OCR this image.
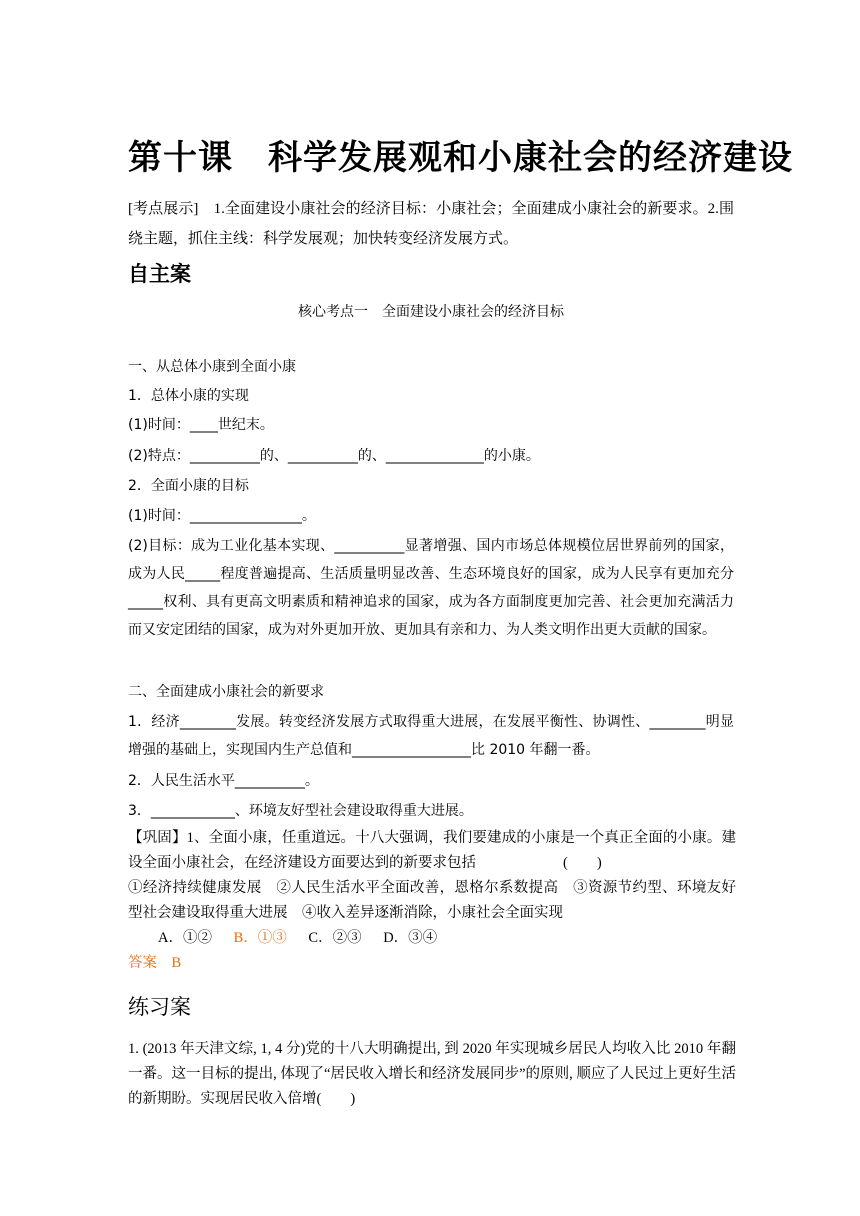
第十课　科学发展观和小康社会的经济建设
[考点展示]　1.全面建设小康社会的经济目标：小康社会；全面建成小康社会的新要求。2.围绕主题，抓住主线：科学发展观；加快转变经济发展方式。
自主案
核心考点一　全面建设小康社会的经济目标
一、从总体小康到全面小康
1．总体小康的实现
(1)时间：____世纪末。
(2)特点：__________的、__________的、______________的小康。
2．全面小康的目标
(1)时间：________________。
(2)目标：成为工业化基本实现、__________显著增强、国内市场总体规模位居世界前列的国家，成为人民_____程度普遍提高、生活质量明显改善、生态环境良好的国家，成为人民享有更加充分_____权利、具有更高文明素质和精神追求的国家，成为各方面制度更加完善、社会更加充满活力而又安定团结的国家，成为对外更加开放、更加具有亲和力、为人类文明作出更大贡献的国家。
二、全面建成小康社会的新要求
1．经济________发展。转变经济发展方式取得重大进展，在发展平衡性、协调性、________明显增强的基础上，实现国内生产总值和_________________比 2010 年翻一番。
2．人民生活水平__________。
3．____________、环境友好型社会建设取得重大进展。
【巩固】1、全面小康，任重道远。十八大强调，我们要建成的小康是一个真正全面的小康。建设全面小康社会，在经济建设方面要达到的新要求包括　　　　　　(　　)
①经济持续健康发展　②人民生活水平全面改善，恩格尔系数提高　③资源节约型、环境友好型社会建设取得重大进展　④收入差异逐渐消除，小康社会全面实现
A．①② B．①③ C．②③ D．③④
答案　B
练习案
1. (2013 年天津文综, 1, 4 分)党的十八大明确提出, 到 2020 年实现城乡居民人均收入比 2010 年翻一番。这一目标的提出, 体现了“居民收入增长和经济发展同步”的原则, 顺应了人民过上更好生活的新期盼。实现居民收入倍增(　　)
